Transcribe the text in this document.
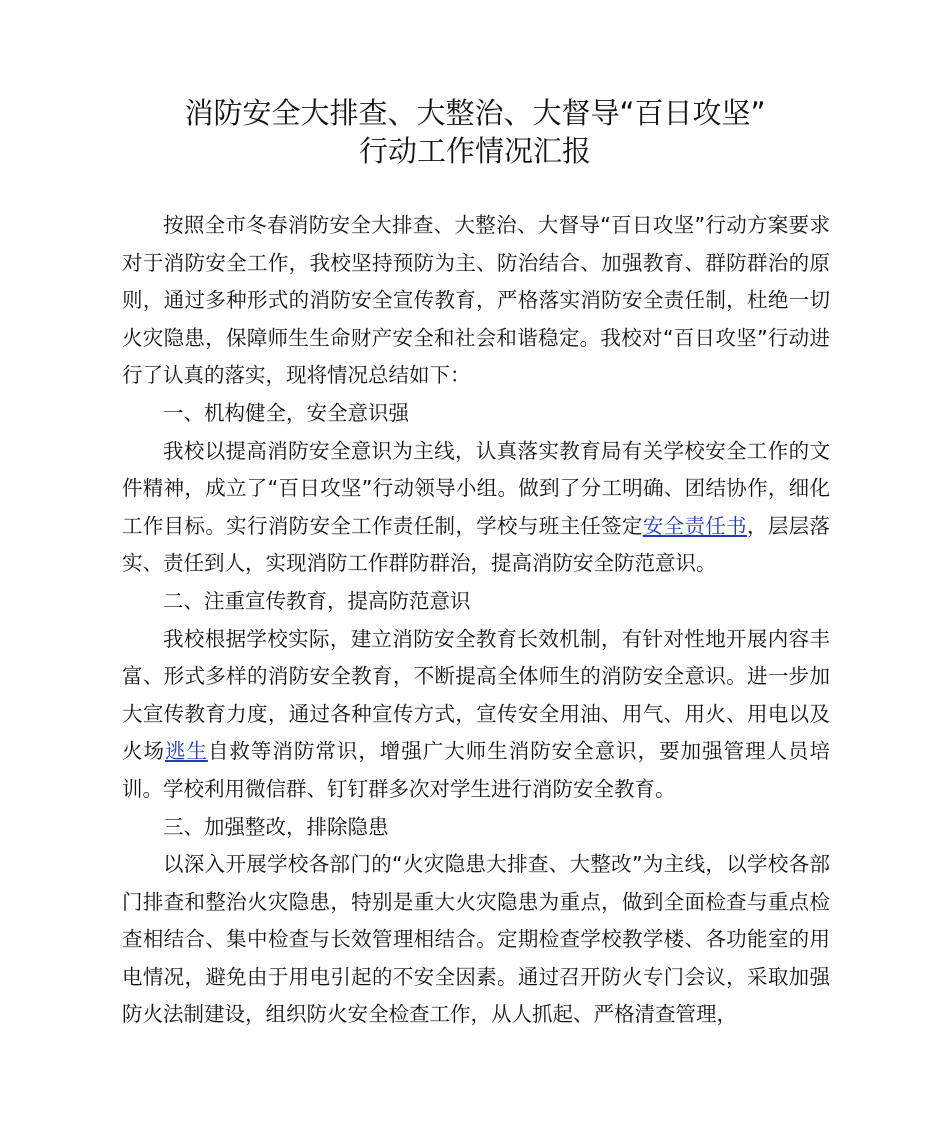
消防安全大排查、大整治、大督导“百日攻坚”
行动工作情况汇报

按照全市冬春消防安全大排查、大整治、大督导“百日攻坚”行动方案要求对于消防安全工作，我校坚持预防为主、防治结合、加强教育、群防群治的原则，通过多种形式的消防安全宣传教育，严格落实消防安全责任制，杜绝一切火灾隐患，保障师生生命财产安全和社会和谐稳定。我校对“百日攻坚”行动进行了认真的落实，现将情况总结如下：

一、机构健全，安全意识强

我校以提高消防安全意识为主线，认真落实教育局有关学校安全工作的文件精神，成立了“百日攻坚”行动领导小组。做到了分工明确、团结协作，细化工作目标。实行消防安全工作责任制，学校与班主任签定安全责任书，层层落实、责任到人，实现消防工作群防群治，提高消防安全防范意识。

二、注重宣传教育，提高防范意识

我校根据学校实际，建立消防安全教育长效机制，有针对性地开展内容丰富、形式多样的消防安全教育，不断提高全体师生的消防安全意识。进一步加大宣传教育力度，通过各种宣传方式，宣传安全用油、用气、用火、用电以及火场逃生自救等消防常识，增强广大师生消防安全意识，要加强管理人员培训。学校利用微信群、钉钉群多次对学生进行消防安全教育。

三、加强整改，排除隐患

以深入开展学校各部门的“火灾隐患大排查、大整改”为主线，以学校各部门排查和整治火灾隐患，特别是重大火灾隐患为重点，做到全面检查与重点检查相结合、集中检查与长效管理相结合。定期检查学校教学楼、各功能室的用电情况，避免由于用电引起的不安全因素。通过召开防火专门会议，采取加强防火法制建设，组织防火安全检查工作，从人抓起、严格清查管理，
